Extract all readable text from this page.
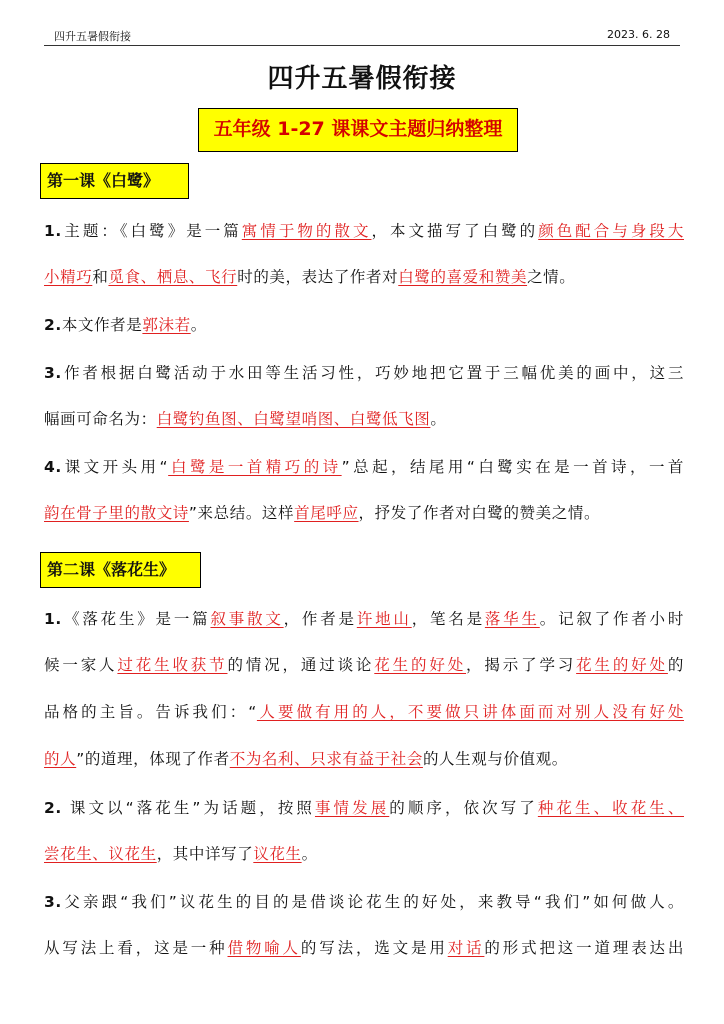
四升五暑假衔接	2023. 6. 28
四升五暑假衔接
五年级 1-27 课课文主题归纳整理
第一课《白鹭》
1.主题：《白鹭》是一篇寓情于物的散文，本文描写了白鹭的颜色配合与身段大
小精巧和觅食、栖息、飞行时的美，表达了作者对白鹭的喜爱和赞美之情。
2.本文作者是郭沫若。
3.作者根据白鹭活动于水田等生活习性，巧妙地把它置于三幅优美的画中，这三
幅画可命名为：白鹭钓鱼图、白鹭望哨图、白鹭低飞图。
4.课文开头用“白鹭是一首精巧的诗”总起，结尾用“白鹭实在是一首诗，一首
韵在骨子里的散文诗”来总结。这样首尾呼应，抒发了作者对白鹭的赞美之情。
第二课《落花生》
1.《落花生》是一篇叙事散文，作者是许地山，笔名是落华生。记叙了作者小时
候一家人过花生收获节的情况，通过谈论花生的好处，揭示了学习花生的好处的
品格的主旨。告诉我们：“人要做有用的人，不要做只讲体面而对别人没有好处
的人”的道理，体现了作者不为名利、只求有益于社会的人生观与价值观。
2. 课文以“落花生”为话题，按照事情发展的顺序，依次写了种花生、收花生、
尝花生、议花生，其中详写了议花生。
3.父亲跟“我们”议花生的目的是借谈论花生的好处，来教导“我们”如何做人。
从写法上看，这是一种借物喻人的写法，选文是用对话的形式把这一道理表达出
